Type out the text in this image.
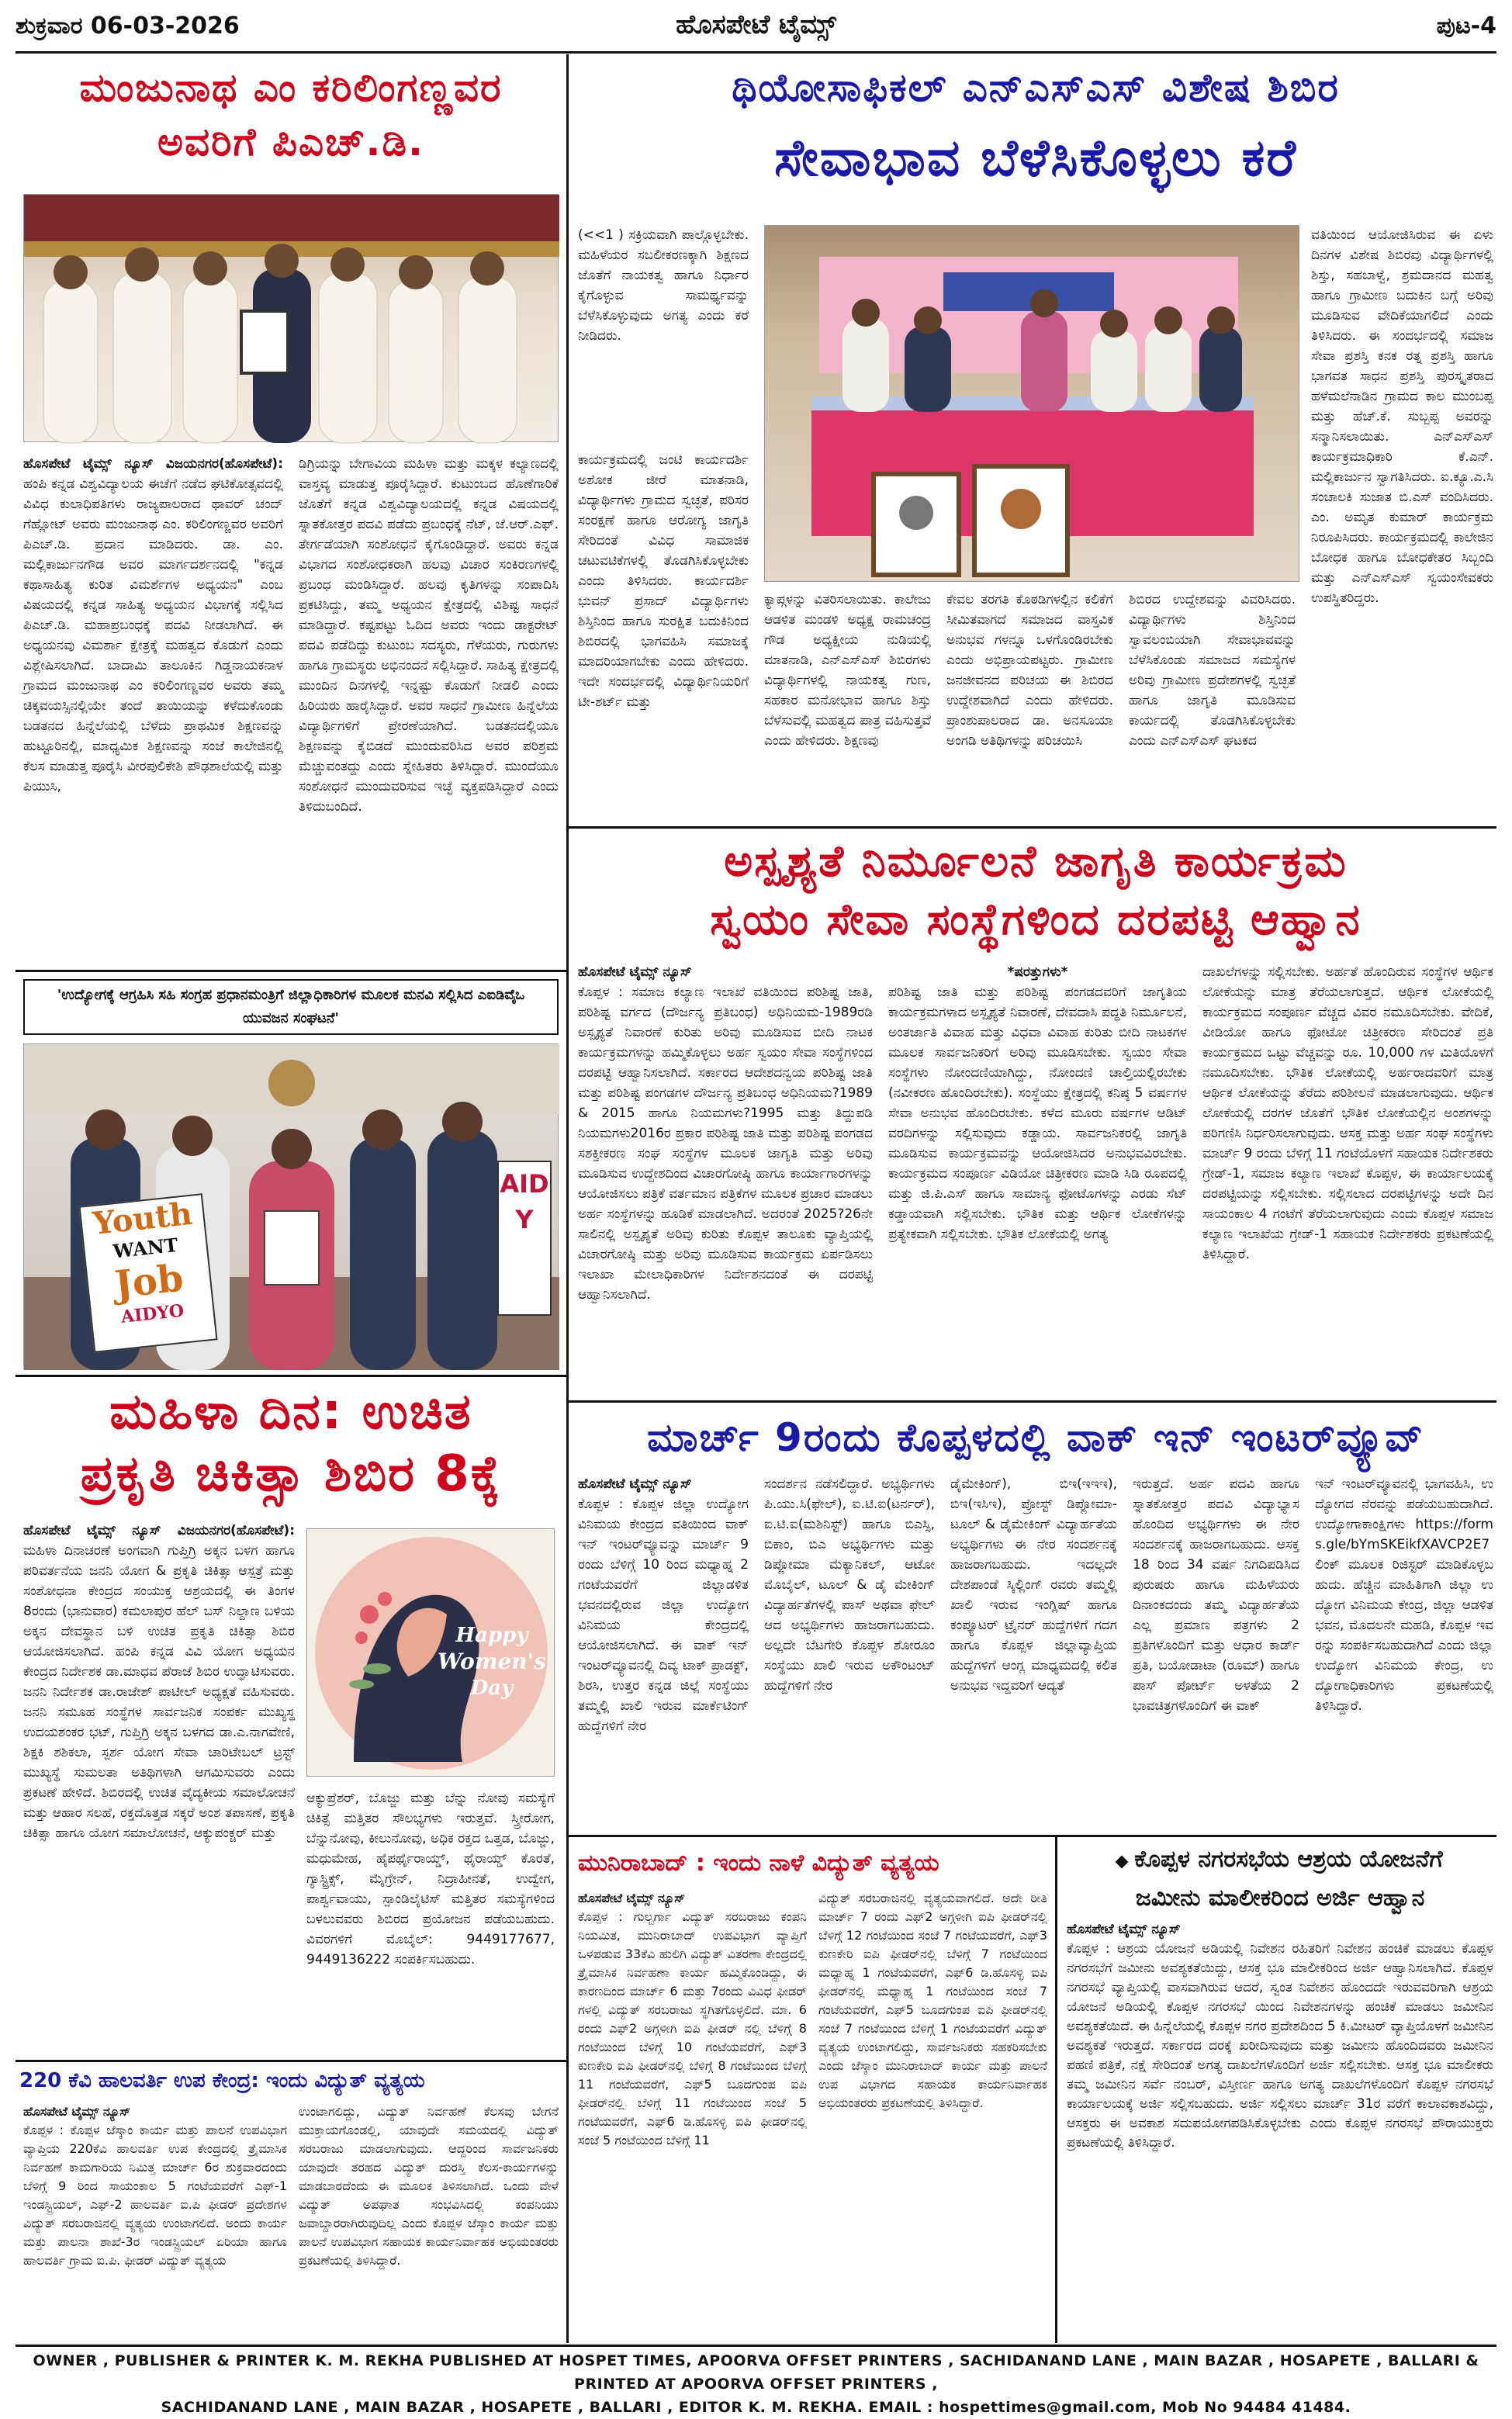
ಶುಕ್ರವಾರ 06-03-2026	ಹೊಸಪೇಟೆ ಟೈಮ್ಸ್	ಪುಟ-4
ಮಂಜುನಾಥ ಎಂ ಕರಿಲಿಂಗಣ್ಣವರ
ಅವರಿಗೆ ಪಿಎಚ್.ಡಿ.
ಹೊಸಪೇಟೆ ಟೈಮ್ಸ್ ನ್ಯೂಸ್ ವಿಜಯನಗರ(ಹೊಸಪೇಟೆ): ಹಂಪಿ ಕನ್ನಡ ವಿಶ್ವವಿದ್ಯಾಲಯ ಈಚೆಗೆ ನಡೆದ ಘಟಿಕೋತ್ಸವದಲ್ಲಿ ವಿವಿಧ ಕುಲಾಧಿಪತಿಗಳು ರಾಜ್ಯಪಾಲರಾದ ಥಾವರ್ ಚಂದ್ ಗೆಹ್ಲೋಟ್ ಅವರು ಮಂಜುನಾಥ ಎಂ. ಕರಿಲಿಂಗಣ್ಣವರ ಅವರಿಗೆ ಪಿಎಚ್.ಡಿ. ಪ್ರದಾನ ಮಾಡಿದರು. ಡಾ. ಎಂ. ಮಲ್ಲಿಕಾರ್ಜುನಗೌಡ ಅವರ ಮಾರ್ಗದರ್ಶನದಲ್ಲಿ "ಕನ್ನಡ ಕಥಾಸಾಹಿತ್ಯ ಕುರಿತ ವಿಮರ್ಶೆಗಳ ಅಧ್ಯಯನ" ಎಂಬ ವಿಷಯದಲ್ಲಿ ಕನ್ನಡ ಸಾಹಿತ್ಯ ಅಧ್ಯಯನ ವಿಭಾಗಕ್ಕೆ ಸಲ್ಲಿಸಿದ ಪಿಎಚ್.ಡಿ. ಮಹಾಪ್ರಬಂಧಕ್ಕೆ ಪದವಿ ನೀಡಲಾಗಿದೆ. ಈ ಅಧ್ಯಯನವು ವಿಮರ್ಶಾ ಕ್ಷೇತ್ರಕ್ಕೆ ಮಹತ್ವದ ಕೊಡುಗೆ ಎಂದು ವಿಶ್ಲೇಷಿಸಲಾಗಿದೆ. ಬಾದಾಮಿ ತಾಲೂಕಿನ ಗಿಡ್ಡನಾಯಕನಾಳ ಗ್ರಾಮದ ಮಂಜುನಾಥ ಎಂ ಕರಿಲಿಂಗಣ್ಣವರ ಅವರು ತಮ್ಮ ಚಿಕ್ಕವಯಸ್ಸಿನಲ್ಲಿಯೇ ತಂದೆ ತಾಯಿಯನ್ನು ಕಳೆದುಕೊಂಡು ಬಡತನದ ಹಿನ್ನೆಲೆಯಲ್ಲಿ ಬೆಳೆದು ಪ್ರಾಥಮಿಕ ಶಿಕ್ಷಣವನ್ನು ಹುಟ್ಟೂರಿನಲ್ಲಿ, ಮಾಧ್ಯಮಿಕ ಶಿಕ್ಷಣವನ್ನು ಸಂಜೆ ಕಾಲೇಜಿನಲ್ಲಿ ಕೆಲಸ ಮಾಡುತ್ತ ಪೂರೈಸಿ ವೀರಪುಲಿಕೇಶಿ ಪೌಢಶಾಲೆಯಲ್ಲಿ ಮತ್ತು ಪಿಯುಸಿ,
ಡಿಗ್ರಿಯನ್ನು ಬೇಗಾವಿಯ ಮಹಿಳಾ ಮತ್ತು ಮಕ್ಕಳ ಕಲ್ಯಾಣದಲ್ಲಿ ವಾಸ್ತವ್ಯ ಮಾಡುತ್ತ ಪೂರೈಸಿದ್ದಾರೆ. ಕುಟುಂಬದ ಹೊಣೆಗಾರಿಕೆ ಜೊತೆಗೆ ಕನ್ನಡ ವಿಶ್ವವಿದ್ಯಾಲಯದಲ್ಲಿ ಕನ್ನಡ ವಿಷಯದಲ್ಲಿ ಸ್ನಾತಕೋತ್ತರ ಪದವಿ ಪಡೆದು ಪ್ರಬಂಧಕ್ಕೆ ನೆಟ್, ಜೆ.ಆರ್.ಎಫ್. ತೇರ್ಗಡೆಯಾಗಿ ಸಂಶೋಧನೆ ಕೈಗೊಂಡಿದ್ದಾರೆ. ಅವರು ಕನ್ನಡ ವಿಭಾಗದ ಸಂಶೋಧಕರಾಗಿ ಹಲವು ವಿಚಾರ ಸಂಕಿರಣಗಳಲ್ಲಿ ಪ್ರಬಂಧ ಮಂಡಿಸಿದ್ದಾರೆ. ಹಲವು ಕೃತಿಗಳನ್ನು ಸಂಪಾದಿಸಿ ಪ್ರಕಟಿಸಿದ್ದು, ತಮ್ಮ ಅಧ್ಯಯನ ಕ್ಷೇತ್ರದಲ್ಲಿ ವಿಶಿಷ್ಟ ಸಾಧನೆ ಮಾಡಿದ್ದಾರೆ. ಕಷ್ಟಪಟ್ಟು ಓದಿದ ಅವರು ಇಂದು ಡಾಕ್ಟರೇಟ್ ಪದವಿ ಪಡೆದಿದ್ದು ಕುಟುಂಬ ಸದಸ್ಯರು, ಗೆಳೆಯರು, ಗುರುಗಳು ಹಾಗೂ ಗ್ರಾಮಸ್ಥರು ಅಭಿನಂದನೆ ಸಲ್ಲಿಸಿದ್ದಾರೆ. ಸಾಹಿತ್ಯ ಕ್ಷೇತ್ರದಲ್ಲಿ ಮುಂದಿನ ದಿನಗಳಲ್ಲಿ ಇನ್ನಷ್ಟು ಕೊಡುಗೆ ನೀಡಲಿ ಎಂದು ಹಿರಿಯರು ಹಾರೈಸಿದ್ದಾರೆ. ಅವರ ಸಾಧನೆ ಗ್ರಾಮೀಣ ಹಿನ್ನೆಲೆಯ ವಿದ್ಯಾರ್ಥಿಗಳಿಗೆ ಪ್ರೇರಣೆಯಾಗಿದೆ. ಬಡತನದಲ್ಲಿಯೂ ಶಿಕ್ಷಣವನ್ನು ಕೈಬಿಡದೆ ಮುಂದುವರಿಸಿದ ಅವರ ಪರಿಶ್ರಮ ಮೆಚ್ಚುವಂತದ್ದು ಎಂದು ಸ್ನೇಹಿತರು ತಿಳಿಸಿದ್ದಾರೆ. ಮುಂದೆಯೂ ಸಂಶೋಧನೆ ಮುಂದುವರಿಸುವ ಇಚ್ಛೆ ವ್ಯಕ್ತಪಡಿಸಿದ್ದಾರೆ ಎಂದು ತಿಳಿದುಬಂದಿದೆ.
'ಉದ್ಯೋಗಕ್ಕೆ ಆಗ್ರಹಿಸಿ ಸಹಿ ಸಂಗ್ರಹ ಪ್ರಧಾನಮಂತ್ರಿಗೆ ಜಿಲ್ಲಾಧಿಕಾರಿಗಳ ಮೂಲಕ ಮನವಿ ಸಲ್ಲಿಸಿದ ಎಐಡಿವೈಒ ಯುವಜನ ಸಂಘಟನೆ'
Youth
WANT
Job
AIDYO
AIDY
ಮಹಿಳಾ ದಿನ: ಉಚಿತ
ಪ್ರಕೃತಿ ಚಿಕಿತ್ಸಾ ಶಿಬಿರ 8ಕ್ಕೆ
ಹೊಸಪೇಟೆ ಟೈಮ್ಸ್ ನ್ಯೂಸ್ ವಿಜಯನಗರ(ಹೊಸಪೇಟೆ): ಮಹಿಳಾ ದಿನಾಚರಣೆ ಅಂಗವಾಗಿ ಗುಪ್ತಿಗ್ರಿ ಅಕ್ಕನ ಬಳಗ ಹಾಗೂ ಪರಿವರ್ತನೆಯ ಜನನಿ ಯೋಗ & ಪ್ರಕೃತಿ ಚಿಕಿತ್ಸಾ ಆಸ್ಪತ್ರೆ ಮತ್ತು ಸಂಶೋಧನಾ ಕೇಂದ್ರದ ಸಂಯುಕ್ತ ಆಶ್ರಯದಲ್ಲಿ ಈ ತಿಂಗಳ 8ರಂದು (ಭಾನುವಾರ) ಕಮಲಾಪುರ ಹೆಲ್ ಬಸ್ ನಿಲ್ದಾಣ ಬಳಿಯ ಅಕ್ಕನ ದೇವಸ್ಥಾನ ಬಳಿ ಉಚಿತ ಪ್ರಕೃತಿ ಚಿಕಿತ್ಸಾ ಶಿಬಿರ ಆಯೋಜಿಸಲಾಗಿದೆ. ಹಂಪಿ ಕನ್ನಡ ವಿವಿ ಯೋಗ ಅಧ್ಯಯನ ಕೇಂದ್ರದ ನಿರ್ದೇಶಕ ಡಾ.ಮಾಧವ ಪೆರಾಜೆ ಶಿಬಿರ ಉದ್ಘಾಟಿಸುವರು. ಜನನಿ ನಿರ್ದೇಶಕ ಡಾ.ರಾಜೇಶ್ ಪಾಟೀಲ್ ಅಧ್ಯಕ್ಷತೆ ವಹಿಸುವರು. ಜನನಿ ಸಮೂಹ ಸಂಸ್ಥೆಗಳ ಸಾರ್ವಜನಿಕ ಸಂಪರ್ಕ ಮುಖ್ಯಸ್ಥ ಉದಯಶಂಕರ ಭಟ್, ಗುಪ್ತಿಗ್ರಿ ಅಕ್ಕನ ಬಳಗದ ಡಾ.ಎ.ನಾಗವೇಣಿ, ಶಿಕ್ಷಕಿ ಶಶಿಕಲಾ, ಸ್ಪರ್ಶ ಯೋಗ ಸೇವಾ ಚಾರಿಟೇಬಲ್ ಟ್ರಸ್ಟ್ ಮುಖ್ಯಸ್ಥೆ ಸುಮಲತಾ ಅತಿಥಿಗಳಾಗಿ ಆಗಮಿಸುವರು ಎಂದು ಪ್ರಕಟಣೆ ಹೇಳಿದೆ. ಶಿಬಿರದಲ್ಲಿ ಉಚಿತ ವೈದ್ಯಕೀಯ ಸಮಾಲೋಚನೆ ಮತ್ತು ಆಹಾರ ಸಲಹೆ, ರಕ್ತದೊತ್ತಡ ಸಕ್ಕರೆ ಅಂಶ ತಪಾಸಣೆ, ಪ್ರಕೃತಿ ಚಿಕಿತ್ಸಾ ಹಾಗೂ ಯೋಗ ಸಮಾಲೋಚನೆ, ಆಕ್ಯುಪಂಕ್ಚರ್ ಮತ್ತು
Happy
Women's
Day
ಆಕ್ಯುಪ್ರೆಶರ್, ಬೊಜ್ಜು ಮತ್ತು ಬೆನ್ನು ನೋವು ಸಮಸ್ಯೆಗೆ ಚಿಕಿತ್ಸೆ ಮತ್ತಿತರ ಸೌಲಭ್ಯಗಳು ಇರುತ್ತವೆ. ಸ್ತ್ರೀರೋಗ, ಬೆನ್ನುನೋವು, ಕೀಲುನೋವು, ಅಧಿಕ ರಕ್ತದ ಒತ್ತಡ, ಬೊಜ್ಜು, ಮಧುಮೇಹ, ಹೈಪರ್ಥೈರಾಯ್ಡ್, ಥೈರಾಯ್ಡ್ ಕೊರತೆ, ಗ್ಯಾಸ್ಟ್ರಿಕ್ಸ್, ಮೈಗ್ರೇನ್, ನಿದ್ರಾಹೀನತೆ, ಉದ್ವೇಗ, ಪಾರ್ಶ್ವವಾಯು, ಸ್ಪಾಂಡಿಲೈಟಿಸ್ ಮತ್ತಿತರ ಸಮಸ್ಯೆಗಳಿಂದ ಬಳಲುವವರು ಶಿಬಿರದ ಪ್ರಯೋಜನ ಪಡೆಯಬಹುದು. ವಿವರಗಳಿಗೆ ಮೊಬೈಲ್: 9449177677, 9449136222 ಸಂಪರ್ಕಿಸಬಹುದು.
220 ಕೆವಿ ಹಾಲವರ್ತಿ ಉಪ ಕೇಂದ್ರ: ಇಂದು ವಿದ್ಯುತ್ ವ್ಯತ್ಯಯ
ಹೊಸಪೇಟೆ ಟೈಮ್ಸ್ ನ್ಯೂಸ್
ಕೊಪ್ಪಳ : ಕೊಪ್ಪಳ ಜೆಸ್ಕಾಂ ಕಾರ್ಯ ಮತ್ತು ಪಾಲನೆ ಉಪವಿಭಾಗ ವ್ಯಾಪ್ತಿಯ 220ಕೆವಿ ಹಾಲವರ್ತಿ ಉಪ ಕೇಂದ್ರದಲ್ಲಿ ತ್ರೈಮಾಸಿಕ ನಿರ್ವಹಣೆ ಕಾಮಗಾರಿಯ ನಿಮಿತ್ತ ಮಾರ್ಚ್ 6ರ ಶುಕ್ರವಾರದಂದು ಬೆಳಿಗ್ಗೆ 9 ರಿಂದ ಸಾಯಂಕಾಲ 5 ಗಂಟೆಯವರೆಗೆ ಎಫ್-1 ಇಂಡಸ್ಟ್ರಿಯಲ್, ಎಫ್-2 ಹಾಲವರ್ತಿ ಐ.ಪಿ ಫೀಡರ್ ಪ್ರದೇಶಗಳ ವಿದ್ಯುತ್ ಸರಬರಾಜಿನಲ್ಲಿ ವ್ಯತ್ಯಯ ಉಂಟಾಗಲಿದೆ. ಅಂದು ಕಾರ್ಯ ಮತ್ತು ಪಾಲನಾ ಶಾಖೆ-3ರ ಇಂಡಸ್ಟ್ರಿಯಲ್ ಏರಿಯಾ ಹಾಗೂ ಹಾಲವರ್ತಿ ಗ್ರಾಮ ಐ.ಪಿ. ಫೀಡರ್ ವಿದ್ಯುತ್ ವ್ಯತ್ಯಯ
ಉಂಟಾಗಲಿದ್ದು, ವಿದ್ಯುತ್ ನಿರ್ವಹಣೆ ಕೆಲಸವು ಬೇಗನೆ ಮುಕ್ತಾಯಗೊಂಡಲ್ಲಿ, ಯಾವುದೇ ಸಮಯದಲ್ಲಿ ವಿದ್ಯುತ್ ಸರಬರಾಜು ಮಾಡಲಾಗುವುದು. ಆದ್ದರಿಂದ ಸಾರ್ವಜನಿಕರು ಯಾವುದೇ ತರಹದ ವಿದ್ಯುತ್ ದುರಸ್ತಿ ಕೆಲಸ-ಕಾರ್ಯಗಳನ್ನು ಮಾಡಬಾರದೆಂದು ಈ ಮೂಲಕ ತಿಳಿಸಲಾಗಿದೆ. ಒಂದು ವೇಳೆ ವಿದ್ಯುತ್ ಅಪಘಾತ ಸಂಭವಿಸಿದಲ್ಲಿ ಕಂಪನಿಯು ಜವಾಬ್ದಾರರಾಗಿರುವುದಿಲ್ಲ ಎಂದು ಕೊಪ್ಪಳ ಜೆಸ್ಕಾಂ ಕಾರ್ಯ ಮತ್ತು ಪಾಲನೆ ಉಪವಿಭಾಗ ಸಹಾಯಕ ಕಾರ್ಯನಿರ್ವಾಹಕ ಅಭಿಯಂತರರು ಪ್ರಕಟಣೆಯಲ್ಲಿ ತಿಳಿಸಿದ್ದಾರೆ.
ಥಿಯೋಸಾಫಿಕಲ್ ಎನ್ಎಸ್ಎಸ್ ವಿಶೇಷ ಶಿಬಿರ
ಸೇವಾಭಾವ ಬೆಳೆಸಿಕೊಳ್ಳಲು ಕರೆ
(<<1 ) ಸಕ್ರಿಯವಾಗಿ ಪಾಲ್ಗೊಳ್ಳಬೇಕು. ಮಹಿಳೆಯರ ಸಬಲೀಕರಣಕ್ಕಾಗಿ ಶಿಕ್ಷಣದ ಜೊತೆಗೆ ನಾಯಕತ್ವ ಹಾಗೂ ನಿರ್ಧಾರ ಕೈಗೊಳ್ಳುವ ಸಾಮರ್ಥ್ಯವನ್ನು ಬೆಳೆಸಿಕೊಳ್ಳುವುದು ಅಗತ್ಯ ಎಂದು ಕರೆ ನೀಡಿದರು.
ಕಾರ್ಯಕ್ರಮದಲ್ಲಿ ಜಂಟಿ ಕಾರ್ಯದರ್ಶಿ ಅಶೋಕ ಜೀರೆ ಮಾತನಾಡಿ, ವಿದ್ಯಾರ್ಥಿಗಳು ಗ್ರಾಮದ ಸ್ವಚ್ಛತೆ, ಪರಿಸರ ಸಂರಕ್ಷಣೆ ಹಾಗೂ ಆರೋಗ್ಯ ಜಾಗೃತಿ ಸೇರಿದಂತೆ ವಿವಿಧ ಸಾಮಾಜಿಕ ಚಟುವಟಿಕೆಗಳಲ್ಲಿ ತೊಡಗಿಸಿಕೊಳ್ಳಬೇಕು ಎಂದು ತಿಳಿಸಿದರು. ಕಾರ್ಯದರ್ಶಿ ಭುವನ್ ಪ್ರಸಾದ್ ವಿದ್ಯಾರ್ಥಿಗಳು ಶಿಸ್ತಿನಿಂದ ಹಾಗೂ ಸುರಕ್ಷಿತ ಬದುಕಿನಿಂದ ಶಿಬಿರದಲ್ಲಿ ಭಾಗವಹಿಸಿ ಸಮಾಜಕ್ಕೆ ಮಾದರಿಯಾಗಬೇಕು ಎಂದು ಹೇಳಿದರು. ಇದೇ ಸಂದರ್ಭದಲ್ಲಿ ವಿದ್ಯಾರ್ಥಿನಿಯರಿಗೆ ಟೀ-ಶರ್ಟ್ ಮತ್ತು
ಕ್ಯಾಪ್ಗಳನ್ನು ವಿತರಿಸಲಾಯಿತು. ಕಾಲೇಜು ಆಡಳಿತ ಮಂಡಳಿ ಅಧ್ಯಕ್ಷ ರಾಮಚಂದ್ರ ಗೌಡ ಅಧ್ಯಕ್ಷೀಯ ನುಡಿಯಲ್ಲಿ ಮಾತನಾಡಿ, ಎನ್ಎಸ್ಎಸ್ ಶಿಬಿರಗಳು ವಿದ್ಯಾರ್ಥಿಗಳಲ್ಲಿ ನಾಯಕತ್ವ ಗುಣ, ಸಹಕಾರ ಮನೋಭಾವ ಹಾಗೂ ಶಿಸ್ತು ಬೆಳೆಸುವಲ್ಲಿ ಮಹತ್ವದ ಪಾತ್ರ ವಹಿಸುತ್ತವೆ ಎಂದು ಹೇಳಿದರು. ಶಿಕ್ಷಣವು
ಕೇವಲ ತರಗತಿ ಕೊಠಡಿಗಳಲ್ಲಿನ ಕಲಿಕೆಗೆ ಸೀಮಿತವಾಗದೆ ಸಮಾಜದ ವಾಸ್ತವಿಕ ಅನುಭವ ಗಳನ್ನೂ ಒಳಗೊಂಡಿರಬೇಕು ಎಂದು ಅಭಿಪ್ರಾಯಪಟ್ಟರು. ಗ್ರಾಮೀಣ ಜನಜೀವನದ ಪರಿಚಯ ಈ ಶಿಬಿರದ ಉದ್ದೇಶವಾಗಿದೆ ಎಂದು ಹೇಳಿದರು. ಪ್ರಾಂಶುಪಾಲರಾದ ಡಾ. ಅನಸೂಯಾ ಅಂಗಡಿ ಅತಿಥಿಗಳನ್ನು ಪರಿಚಯಿಸಿ
ಶಿಬಿರದ ಉದ್ದೇಶವನ್ನು ವಿವರಿಸಿದರು. ವಿದ್ಯಾರ್ಥಿಗಳು ಶಿಸ್ತಿನಿಂದ ಸ್ವಾವಲಂಬಿಯಾಗಿ ಸೇವಾಭಾವವನ್ನು ಬೆಳೆಸಿಕೊಂಡು ಸಮಾಜದ ಸಮಸ್ಯೆಗಳ ಅರಿವು ಗ್ರಾಮೀಣ ಪ್ರದೇಶಗಳಲ್ಲಿ ಸ್ವಚ್ಛತೆ ಹಾಗೂ ಜಾಗೃತಿ ಮೂಡಿಸುವ ಕಾರ್ಯದಲ್ಲಿ ತೊಡಗಿಸಿಕೊಳ್ಳಬೇಕು ಎಂದು ಎನ್ಎಸ್ಎಸ್ ಘಟಕದ
ವತಿಯಿಂದ ಆಯೋಜಿಸಿರುವ ಈ ಏಳು ದಿನಗಳ ವಿಶೇಷ ಶಿಬಿರವು ವಿದ್ಯಾರ್ಥಿಗಳಲ್ಲಿ ಶಿಸ್ತು, ಸಹಬಾಳ್ವೆ, ಶ್ರಮದಾನದ ಮಹತ್ವ ಹಾಗೂ ಗ್ರಾಮೀಣ ಬದುಕಿನ ಬಗ್ಗೆ ಅರಿವು ಮೂಡಿಸುವ ವೇದಿಕೆಯಾಗಲಿದೆ ಎಂದು ತಿಳಿಸಿದರು. ಈ ಸಂದರ್ಭದಲ್ಲಿ ಸಮಾಜ ಸೇವಾ ಪ್ರಶಸ್ತಿ ಕನಕ ರತ್ನ ಪ್ರಶಸ್ತಿ ಹಾಗೂ ಭಾಗವತ ಸಾಧನ ಪ್ರಶಸ್ತಿ ಪುರಸ್ಕೃತರಾದ ಹಳೆಮಲೆನಾಡಿನ ಗ್ರಾಮದ ಕಾಲ ಮುಂಬಪ್ಪ ಮತ್ತು ಹೆಚ್.ಕೆ. ಸುಬ್ಬಪ್ಪ ಅವರನ್ನು ಸನ್ಮಾನಿಸಲಾಯಿತು. ಎನ್ಎಸ್ಎಸ್ ಕಾರ್ಯಕ್ರಮಾಧಿಕಾರಿ ಕೆ.ಎನ್. ಮಲ್ಲಿಕಾರ್ಜುನ ಸ್ವಾಗತಿಸಿದರು. ಐ.ಕ್ಯೂ.ಎ.ಸಿ ಸಂಚಾಲಕಿ ಸುಜಾತ ಬಿ.ಎಸ್ ವಂದಿಸಿದರು. ಎಂ. ಅಮೃತ ಕುಮಾರ್ ಕಾರ್ಯಕ್ರಮ ನಿರೂಪಿಸಿದರು. ಕಾರ್ಯಕ್ರಮದಲ್ಲಿ ಕಾಲೇಜಿನ ಬೋಧಕ ಹಾಗೂ ಬೋಧಕೇತರ ಸಿಬ್ಬಂದಿ ಮತ್ತು ಎನ್ಎಸ್ಎಸ್ ಸ್ವಯಂಸೇವಕರು ಉಪಸ್ಥಿತರಿದ್ದರು.
ಅಸ್ಪೃಶ್ಯತೆ ನಿರ್ಮೂಲನೆ ಜಾಗೃತಿ ಕಾರ್ಯಕ್ರಮ
ಸ್ವಯಂ ಸೇವಾ ಸಂಸ್ಥೆಗಳಿಂದ ದರಪಟ್ಟಿ ಆಹ್ವಾನ
ಹೊಸಪೇಟೆ ಟೈಮ್ಸ್ ನ್ಯೂಸ್
ಕೊಪ್ಪಳ : ಸಮಾಜ ಕಲ್ಯಾಣ ಇಲಾಖೆ ವತಿಯಿಂದ ಪರಿಶಿಷ್ಟ ಜಾತಿ, ಪರಿಶಿಷ್ಟ ವರ್ಗದ (ದೌರ್ಜನ್ಯ ಪ್ರತಿಬಂಧ) ಅಧಿನಿಯಮ-1989ರಡಿ ಅಸ್ಪೃಶ್ಯತೆ ನಿವಾರಣೆ ಕುರಿತು ಅರಿವು ಮೂಡಿಸುವ ಬೀದಿ ನಾಟಕ ಕಾರ್ಯಕ್ರಮಗಳನ್ನು ಹಮ್ಮಿಕೊಳ್ಳಲು ಅರ್ಹ ಸ್ವಯಂ ಸೇವಾ ಸಂಸ್ಥೆಗಳಿಂದ ದರಪಟ್ಟಿ ಆಹ್ವಾನಿಸಲಾಗಿದೆ. ಸರ್ಕಾರದ ಆದೇಶದನ್ವಯ ಪರಿಶಿಷ್ಟ ಜಾತಿ ಮತ್ತು ಪರಿಶಿಷ್ಟ ಪಂಗಡಗಳ ದೌರ್ಜನ್ಯ ಪ್ರತಿಬಂಧ ಅಧಿನಿಯಮ?1989 & 2015 ಹಾಗೂ ನಿಯಮಗಳು?1995 ಮತ್ತು ತಿದ್ದುಪಡಿ ನಿಯಮಗಳು2016ರ ಪ್ರಕಾರ ಪರಿಶಿಷ್ಟ ಜಾತಿ ಮತ್ತು ಪರಿಶಿಷ್ಟ ಪಂಗಡದ ಸಶಕ್ತೀಕರಣ ಸಂಘ ಸಂಸ್ಥೆಗಳ ಮೂಲಕ ಜಾಗೃತಿ ಮತ್ತು ಅರಿವು ಮೂಡಿಸುವ ಉದ್ದೇಶದಿಂದ ವಿಚಾರಗೋಷ್ಠಿ ಹಾಗೂ ಕಾರ್ಯಾಗಾರಗಳನ್ನು ಆಯೋಜಿಸಲು ಪತ್ರಿಕೆ ವರ್ತಮಾನ ಪತ್ರಿಕೆಗಳ ಮೂಲಕ ಪ್ರಚಾರ ಮಾಡಲು ಅರ್ಹ ಸಂಸ್ಥೆಗಳನ್ನು ಹೂಡಿಕೆ ಮಾಡಲಾಗಿದೆ. ಅದರಂತೆ 2025?26ನೇ ಸಾಲಿನಲ್ಲಿ ಅಸ್ಪೃಶ್ಯತೆ ಅರಿವು ಕುರಿತು ಕೊಪ್ಪಳ ತಾಲೂಕು ವ್ಯಾಪ್ತಿಯಲ್ಲಿ ವಿಚಾರಗೋಷ್ಠಿ ಮತ್ತು ಅರಿವು ಮೂಡಿಸುವ ಕಾರ್ಯಕ್ರಮ ಏರ್ಪಡಿಸಲು ಇಲಾಖಾ ಮೇಲಾಧಿಕಾರಿಗಳ ನಿರ್ದೇಶನದಂತೆ ಈ ದರಪಟ್ಟಿ ಆಹ್ವಾನಿಸಲಾಗಿದೆ.
*ಷರತ್ತುಗಳು*
ಪರಿಶಿಷ್ಟ ಜಾತಿ ಮತ್ತು ಪರಿಶಿಷ್ಟ ಪಂಗಡದವರಿಗೆ ಜಾಗೃತಿಯ ಕಾರ್ಯಕ್ರಮಗಳಾದ ಅಸ್ಪೃಶ್ಯತೆ ನಿವಾರಣೆ, ದೇವದಾಸಿ ಪದ್ಧತಿ ನಿರ್ಮೂಲನೆ, ಅಂತರ್ಜಾತಿ ವಿವಾಹ ಮತ್ತು ವಿಧವಾ ವಿವಾಹ ಕುರಿತು ಬೀದಿ ನಾಟಕಗಳ ಮೂಲಕ ಸಾರ್ವಜನಿಕರಿಗೆ ಅರಿವು ಮೂಡಿಸಬೇಕು. ಸ್ವಯಂ ಸೇವಾ ಸಂಸ್ಥೆಗಳು ನೋಂದಣಿಯಾಗಿದ್ದು, ನೋಂದಣಿ ಚಾಲ್ತಿಯಲ್ಲಿರಬೇಕು (ನವೀಕರಣ ಹೊಂದಿರಬೇಕು). ಸಂಸ್ಥೆಯು ಕ್ಷೇತ್ರದಲ್ಲಿ ಕನಿಷ್ಠ 5 ವರ್ಷಗಳ ಸೇವಾ ಅನುಭವ ಹೊಂದಿರಬೇಕು. ಕಳೆದ ಮೂರು ವರ್ಷಗಳ ಆಡಿಟ್ ವರದಿಗಳನ್ನು ಸಲ್ಲಿಸುವುದು ಕಡ್ಡಾಯ. ಸಾರ್ವಜನಿಕರಲ್ಲಿ ಜಾಗೃತಿ ಮೂಡಿಸುವ ಕಾರ್ಯಕ್ರಮವನ್ನು ಆಯೋಜಿಸಿದರ ಅನುಭವವಿರಬೇಕು. ಕಾರ್ಯಕ್ರಮದ ಸಂಪೂರ್ಣ ವಿಡಿಯೋ ಚಿತ್ರೀಕರಣ ಮಾಡಿ ಸಿಡಿ ರೂಪದಲ್ಲಿ ಮತ್ತು ಜಿ.ಪಿ.ಎಸ್ ಹಾಗೂ ಸಾಮಾನ್ಯ ಫೋಟೊಗಳನ್ನು ಎರಡು ಸೆಟ್ ಕಡ್ಡಾಯವಾಗಿ ಸಲ್ಲಿಸಬೇಕು. ಭೌತಿಕ ಮತ್ತು ಆರ್ಥಿಕ ಲೋಕೆಗಳನ್ನು ಪ್ರತ್ಯೇಕವಾಗಿ ಸಲ್ಲಿಸಬೇಕು. ಭೌತಿಕ ಲೋಕೆಯಲ್ಲಿ ಅಗತ್ಯ
ದಾಖಲೆಗಳನ್ನು ಸಲ್ಲಿಸಬೇಕು. ಅರ್ಹತೆ ಹೊಂದಿರುವ ಸಂಸ್ಥೆಗಳ ಆರ್ಥಿಕ ಲೋಕೆಯನ್ನು ಮಾತ್ರ ತೆರೆಯಲಾಗುತ್ತದೆ. ಆರ್ಥಿಕ ಲೋಕೆಯಲ್ಲಿ ಕಾರ್ಯಕ್ರಮದ ಸಂಪೂರ್ಣ ವೆಚ್ಚದ ವಿವರ ನಮೂದಿಸಬೇಕು. ವೇದಿಕೆ, ವೀಡಿಯೋ ಹಾಗೂ ಫೋಟೋ ಚಿತ್ರೀಕರಣ ಸೇರಿದಂತೆ ಪ್ರತಿ ಕಾರ್ಯಕ್ರಮದ ಒಟ್ಟು ವೆಚ್ಚವನ್ನು ರೂ. 10,000 ಗಳ ಮಿತಿಯೊಳಗೆ ನಮೂದಿಸಬೇಕು. ಭೌತಿಕ ಲೋಕೆಯಲ್ಲಿ ಅರ್ಹರಾದವರಿಗೆ ಮಾತ್ರ ಆರ್ಥಿಕ ಲೋಕೆಯನ್ನು ತೆರೆದು ಪರಿಶೀಲನೆ ಮಾಡಲಾಗುವುದು. ಆರ್ಥಿಕ ಲೋಕೆಯಲ್ಲಿ ದರಗಳ ಜೊತೆಗೆ ಭೌತಿಕ ಲೋಕೆಯಲ್ಲಿನ ಅಂಶಗಳನ್ನು ಪರಿಗಣಿಸಿ ನಿರ್ಧರಿಸಲಾಗುವುದು. ಆಸಕ್ತ ಮತ್ತು ಅರ್ಹ ಸಂಘ ಸಂಸ್ಥೆಗಳು ಮಾರ್ಚ್ 9 ರಂದು ಬೆಳಿಗ್ಗೆ 11 ಗಂಟೆಯೊಳಗೆ ಸಹಾಯಕ ನಿರ್ದೇಶಕರು ಗ್ರೇಡ್-1, ಸಮಾಜ ಕಲ್ಯಾಣ ಇಲಾಖೆ ಕೊಪ್ಪಳ, ಈ ಕಾರ್ಯಾಲಯಕ್ಕೆ ದರಪಟ್ಟಿಯನ್ನು ಸಲ್ಲಿಸಬೇಕು. ಸಲ್ಲಿಸಲಾದ ದರಪಟ್ಟಿಗಳನ್ನು ಅದೇ ದಿನ ಸಾಯಂಕಾಲ 4 ಗಂಟೆಗೆ ತೆರೆಯಲಾಗುವುದು ಎಂದು ಕೊಪ್ಪಳ ಸಮಾಜ ಕಲ್ಯಾಣ ಇಲಾಖೆಯ ಗ್ರೇಡ್-1 ಸಹಾಯಕ ನಿರ್ದೇಶಕರು ಪ್ರಕಟಣೆಯಲ್ಲಿ ತಿಳಿಸಿದ್ದಾರೆ.
ಮಾರ್ಚ್ 9ರಂದು ಕೊಪ್ಪಳದಲ್ಲಿ ವಾಕ್ ಇನ್ ಇಂಟರ್‌ವ್ಯೂವ್
ಹೊಸಪೇಟೆ ಟೈಮ್ಸ್ ನ್ಯೂಸ್
ಕೊಪ್ಪಳ : ಕೊಪ್ಪಳ ಜಿಲ್ಲಾ ಉದ್ಯೋಗ ವಿನಿಮಯ ಕೇಂದ್ರದ ವತಿಯಿಂದ ವಾಕ್ ಇನ್ ಇಂಟರ್‌ವ್ಯೂವನ್ನು ಮಾರ್ಚ್ 9 ರಂದು ಬೆಳಿಗ್ಗೆ 10 ರಿಂದ ಮಧ್ಯಾಹ್ನ 2 ಗಂಟೆಯವರೆಗೆ ಜಿಲ್ಲಾಡಳಿತ ಭವನದಲ್ಲಿರುವ ಜಿಲ್ಲಾ ಉದ್ಯೋಗ ವಿನಿಮಯ ಕೇಂದ್ರದಲ್ಲಿ ಆಯೋಜಿಸಲಾಗಿದೆ. ಈ ವಾಕ್ ಇನ್ ಇಂಟರ್‌ವ್ಯೂವನಲ್ಲಿ ದಿವ್ಯ ಟಾಕ್ ಪ್ರಾಡಕ್ಟ್, ಶಿರಸಿ, ಉತ್ತರ ಕನ್ನಡ ಜಿಲ್ಲೆ ಸಂಸ್ಥೆಯು ತಮ್ಮಲ್ಲಿ ಖಾಲಿ ಇರುವ ಮಾರ್ಕೆಟಿಂಗ್ ಹುದ್ದೆಗಳಿಗೆ ನೇರ
ಸಂದರ್ಶನ ನಡೆಸಲಿದ್ದಾರೆ. ಅಭ್ಯರ್ಥಿಗಳು ಪಿ.ಯು.ಸಿ(ಫೇಲ್), ಐ.ಟಿ.ಐ(ಟರ್ನರ್), ಐ.ಟಿ.ಐ(ಮಶಿನಿಸ್ಟ್) ಹಾಗೂ ಬಿಎಸ್ಸಿ, ಬಿಕಾಂ, ಬಿಎ ಅಭ್ಯರ್ಥಿಗಳು ಮತ್ತು ಡಿಪ್ಲೋಮಾ ಮೆಕ್ಯಾನಿಕಲ್, ಆಟೋ ಮೊಬೈಲ್, ಟೂಲ್ & ಡೈ ಮೇಕಿಂಗ್ ವಿದ್ಯಾರ್ಹತೆಗಳಲ್ಲಿ ಪಾಸ್ ಅಥವಾ ಫೇಲ್ ಆದ ಅಭ್ಯರ್ಥಿಗಳು ಹಾಜರಾಗಬಹುದು. ಅಲ್ಲದೇ ಬೆಟಗೇರಿ ಕೊಪ್ಪಳ ಶೋರೂಂ ಸಂಸ್ಥೆಯು ಖಾಲಿ ಇರುವ ಅಕೌಂಟಂಟ್ ಹುದ್ದೆಗಳಿಗೆ ನೇರ
ಡೈಮೇಕಿಂಗ್), ಬಿಇ(ಇಇಇ), ಬಿಇ(ಇಸಿಇ), ಪ್ರೋಸ್ಟ್ ಡಿಪ್ಲೋಮಾ-ಟೂಲ್ & ಡೈಮೇಕಿಂಗ್ ವಿದ್ಯಾರ್ಹತೆಯ ಅಭ್ಯರ್ಥಿಗಳು ಈ ನೇರ ಸಂದರ್ಶನಕ್ಕೆ ಹಾಜರಾಗಬಹುದು. ಇದಲ್ಲದೇ ದೇಶಪಾಂಡೆ ಸ್ಕಿಲ್ಲಿಂಗ್ ರವರು ತಮ್ಮಲ್ಲಿ ಖಾಲಿ ಇರುವ ಇಂಗ್ಲಿಷ್ ಹಾಗೂ ಕಂಪ್ಯೂಟರ್ ಟ್ರೈನರ್ ಹುದ್ದೆಗಳಿಗೆ ಗದಗ ಹಾಗೂ ಕೊಪ್ಪಳ ಜಿಲ್ಲಾವ್ಯಾಪ್ತಿಯ ಹುದ್ದೆಗಳಿಗೆ ಆಂಗ್ಲ ಮಾಧ್ಯಮದಲ್ಲಿ ಕಲಿತ ಅನುಭವ ಇದ್ದವರಿಗೆ ಆದ್ಯತೆ
ಇರುತ್ತದೆ. ಅರ್ಹ ಪದವಿ ಹಾಗೂ ಸ್ನಾತಕೋತ್ತರ ಪದವಿ ವಿದ್ಯಾಭ್ಯಾಸ ಹೊಂದಿದ ಅಭ್ಯರ್ಥಿಗಳು ಈ ನೇರ ಸಂದರ್ಶನಕ್ಕೆ ಹಾಜರಾಗಬಹುದು. ಆಸಕ್ತ 18 ರಿಂದ 34 ವರ್ಷ ನಿಗದಿಪಡಿಸಿದ ಪುರುಷರು ಹಾಗೂ ಮಹಿಳೆಯರು ದಿನಾಂಕದಂದು ತಮ್ಮ ವಿದ್ಯಾರ್ಹತೆಯ ಎಲ್ಲ ಪ್ರಮಾಣ ಪತ್ರಗಳು 2 ಪ್ರತಿಗಳೊಂದಿಗೆ ಮತ್ತು ಆಧಾರ ಕಾರ್ಡ್ ಪ್ರತಿ, ಬಯೋಡಾಟಾ (ರೂಮ್) ಹಾಗೂ ಪಾಸ್ ಪೋರ್ಟ್ ಅಳತೆಯ 2 ಭಾವಚಿತ್ರಗಳೊಂದಿಗೆ ಈ ವಾಕ್
ಇನ್ ಇಂಟರ್‌ವ್ಯೂವನಲ್ಲಿ ಭಾಗವಹಿಸಿ, ಉದ್ಯೋಗದ ನೆರವನ್ನು ಪಡೆಯಬಹುದಾಗಿದೆ. ಉದ್ಯೋಗಾಕಾಂಕ್ಷಿಗಳು https://forms.gle/bYmSKEikfXAVCP2E7 ಲಿಂಕ್ ಮೂಲಕ ರಿಜಿಸ್ಟರ್ ಮಾಡಿಕೊಳ್ಳಬಹುದು. ಹೆಚ್ಚಿನ ಮಾಹಿತಿಗಾಗಿ ಜಿಲ್ಲಾ ಉದ್ಯೋಗ ವಿನಿಮಯ ಕೇಂದ್ರ, ಜಿಲ್ಲಾ ಆಡಳಿತ ಭವನ, ಮೊದಲನೇ ಮಹಡಿ, ಕೊಪ್ಪಳ ಇವರನ್ನು ಸಂಪರ್ಕಿಸಬಹುದಾಗಿದೆ ಎಂದು ಜಿಲ್ಲಾ ಉದ್ಯೋಗ ವಿನಿಮಯ ಕೇಂದ್ರ, ಉದ್ಯೋಗಾಧಿಕಾರಿಗಳು ಪ್ರಕಟಣೆಯಲ್ಲಿ ತಿಳಿಸಿದ್ದಾರೆ.
ಮುನಿರಾಬಾದ್ : ಇಂದು ನಾಳೆ ವಿದ್ಯುತ್ ವ್ಯತ್ಯಯ
ಹೊಸಪೇಟೆ ಟೈಮ್ಸ್ ನ್ಯೂಸ್
ಕೊಪ್ಪಳ : ಗುಲ್ಬರ್ಗಾ ವಿದ್ಯುತ್ ಸರಬರಾಜು ಕಂಪನಿ ನಿಯಮಿತ, ಮುನಿರಾಬಾದ್ ಉಪವಿಭಾಗ ವ್ಯಾಪ್ತಿಗೆ ಒಳಪಡುವ 33ಕೆವಿ ಹುಲಿಗಿ ವಿದ್ಯುತ್ ವಿತರಣಾ ಕೇಂದ್ರದಲ್ಲಿ ತ್ರೈಮಾಸಿಕ ನಿರ್ವಹಣಾ ಕಾರ್ಯ ಹಮ್ಮಿಕೊಂಡಿದ್ದು, ಈ ಕಾರಣದಿಂದ ಮಾರ್ಚ್ 6 ಮತ್ತು 7ರಂದು ವಿವಿಧ ಫೀಡರ್ ಗಳಲ್ಲಿ ವಿದ್ಯುತ್ ಸರಬರಾಜು ಸ್ಥಗಿತಗೊಳ್ಳಲಿದೆ. ಮಾ. 6 ರಂದು ಎಫ್2 ಅಗ್ಗಳೀಗಿ ಐಪಿ ಫೀಡರ್ ನಲ್ಲಿ ಬೆಳಿಗ್ಗೆ 8 ಗಂಟೆಯಿಂದ ಬೆಳಿಗ್ಗೆ 10 ಗಂಟೆಯವರೆಗೆ, ಎಫ್3 ಕುಣಕೇರಿ ಐಪಿ ಫೀಡರ್‌ನಲ್ಲಿ ಬೆಳಿಗ್ಗೆ 8 ಗಂಟೆಯಿಂದ ಬೆಳಿಗ್ಗೆ 11 ಗಂಟೆಯವರೆಗೆ, ಎಫ್5 ಬೂದಗುಂಪ ಐಪಿ ಫೀಡರ್‌ನಲ್ಲಿ ಬೆಳಿಗ್ಗೆ 11 ಗಂಟೆಯಿಂದ ಸಂಜೆ 5 ಗಂಟೆಯವರೆಗೆ, ಎಫ್6 ಡಿ.ಹೊಸಳ್ಳಿ ಐಪಿ ಫೀಡರ್‌ನಲ್ಲಿ ಸಂಜೆ 5 ಗಂಟೆಯಿಂದ ಬೆಳಿಗ್ಗೆ 11
ವಿದ್ಯುತ್ ಸರಬರಾಜಿನಲ್ಲಿ ವ್ಯತ್ಯಯವಾಗಲಿದೆ. ಅದೇ ರೀತಿ ಮಾರ್ಚ್ 7 ರಂದು ಎಫ್2 ಅಗ್ಗಳೀಗಿ ಐಪಿ ಫೀಡರ್‌ನಲ್ಲಿ ಬೆಳಿಗ್ಗೆ 12 ಗಂಟೆಯಿಂದ ಸಂಜೆ 7 ಗಂಟೆಯವರೆಗೆ, ಎಫ್3 ಕುಣಕೇರಿ ಐಪಿ ಫೀಡರ್‌ನಲ್ಲಿ ಬೆಳಿಗ್ಗೆ 7 ಗಂಟೆಯಿಂದ ಮಧ್ಯಾಹ್ನ 1 ಗಂಟೆಯವರೆಗೆ, ಎಫ್6 ಡಿ.ಹೊಸಳ್ಳಿ ಐಪಿ ಫೀಡರ್‌ನಲ್ಲಿ ಮಧ್ಯಾಹ್ನ 1 ಗಂಟೆಯಿಂದ ಸಂಜೆ 7 ಗಂಟೆಯವರೆಗೆ, ಎಫ್5 ಬೂದಗುಂಪ ಐಪಿ ಫೀಡರ್‌ನಲ್ಲಿ ಸಂಜೆ 7 ಗಂಟೆಯಿಂದ ಬೆಳಿಗ್ಗೆ 1 ಗಂಟೆಯವರೆಗೆ ವಿದ್ಯುತ್ ವ್ಯತ್ಯಯ ಉಂಟಾಗಲಿದ್ದು, ಸಾರ್ವಜನಿಕರು ಸಹಕರಿಸಬೇಕು ಎಂದು ಜೆಸ್ಕಾಂ ಮುನಿರಾಬಾದ್ ಕಾರ್ಯ ಮತ್ತು ಪಾಲನೆ ಉಪ ವಿಭಾಗದ ಸಹಾಯಕ ಕಾರ್ಯನಿರ್ವಾಹಕ ಅಭಿಯಂತರರು ಪ್ರಕಟಣೆಯಲ್ಲಿ ತಿಳಿಸಿದ್ದಾರೆ.
ಕೊಪ್ಪಳ ನಗರಸಭೆಯ ಆಶ್ರಯ ಯೋಜನೆಗೆ
ಜಮೀನು ಮಾಲೀಕರಿಂದ ಅರ್ಜಿ ಆಹ್ವಾನ
ಹೊಸಪೇಟೆ ಟೈಮ್ಸ್ ನ್ಯೂಸ್
ಕೊಪ್ಪಳ : ಆಶ್ರಯ ಯೋಜನೆ ಅಡಿಯಲ್ಲಿ ನಿವೇಶನ ರಹಿತರಿಗೆ ನಿವೇಶನ ಹಂಚಿಕೆ ಮಾಡಲು ಕೊಪ್ಪಳ ನಗರಸಭೆಗೆ ಜಮೀನು ಅವಶ್ಯಕತೆಯಿದ್ದು, ಆಸಕ್ತ ಭೂ ಮಾಲೀಕರಿಂದ ಅರ್ಜಿ ಆಹ್ವಾನಿಸಲಾಗಿದೆ. ಕೊಪ್ಪಳ ನಗರಸಭೆ ವ್ಯಾಪ್ತಿಯಲ್ಲಿ ವಾಸವಾಗಿರುವ ಆದರೆ, ಸ್ವಂತ ನಿವೇಶನ ಹೊಂದದೇ ಇರುವವರಿಗಾಗಿ ಆಶ್ರಯ ಯೋಜನೆ ಅಡಿಯಲ್ಲಿ ಕೊಪ್ಪಳ ನಗರಸಭೆ ಯಿಂದ ನಿವೇಶನಗಳನ್ನು ಹಂಚಿಕೆ ಮಾಡಲು ಜಮೀನಿನ ಅವಶ್ಯಕತೆಯಿದೆ. ಈ ಹಿನ್ನೆಲೆಯಲ್ಲಿ ಕೊಪ್ಪಳ ನಗರ ಪ್ರದೇಶದಿಂದ 5 ಕಿ.ಮೀಟರ್ ವ್ಯಾಪ್ತಿಯೊಳಗೆ ಜಮೀನಿನ ಅವಶ್ಯಕತೆ ಇರುತ್ತದೆ. ಸರ್ಕಾರದ ದರಕ್ಕೆ ಖರೀದಿಸುವುದು ಮತ್ತು ಜಮೀನು ಹೊಂದಿದವರು ಜಮೀನಿನ ಪಹಣಿ ಪತ್ರಿಕೆ, ನಕ್ಷೆ ಸೇರಿದಂತೆ ಅಗತ್ಯ ದಾಖಲೆಗಳೊಂದಿಗೆ ಅರ್ಜಿ ಸಲ್ಲಿಸಬೇಕು. ಆಸಕ್ತ ಭೂ ಮಾಲೀಕರು ತಮ್ಮ ಜಮೀನಿನ ಸರ್ವೆ ನಂಬರ್, ವಿಸ್ತೀರ್ಣ ಹಾಗೂ ಅಗತ್ಯ ದಾಖಲೆಗಳೊಂದಿಗೆ ಕೊಪ್ಪಳ ನಗರಸಭೆ ಕಾರ್ಯಾಲಯಕ್ಕೆ ಅರ್ಜಿ ಸಲ್ಲಿಸಬಹುದು. ಅರ್ಜಿ ಸಲ್ಲಿಸಲು ಮಾರ್ಚ್ 31ರ ವರೆಗೆ ಕಾಲಾವಕಾಶವಿದ್ದು, ಆಸಕ್ತರು ಈ ಅವಕಾಶ ಸದುಪಯೋಗಪಡಿಸಿಕೊಳ್ಳಬೇಕು ಎಂದು ಕೊಪ್ಪಳ ನಗರಸಭೆ ಪೌರಾಯುಕ್ತರು ಪ್ರಕಟಣೆಯಲ್ಲಿ ತಿಳಿಸಿದ್ದಾರೆ.
OWNER , PUBLISHER & PRINTER K. M. REKHA PUBLISHED AT HOSPET TIMES, APOORVA OFFSET PRINTERS , SACHIDANAND LANE , MAIN BAZAR , HOSAPETE , BALLARI & PRINTED AT APOORVA OFFSET PRINTERS ,
SACHIDANAND LANE , MAIN BAZAR , HOSAPETE , BALLARI , EDITOR K. M. REKHA. EMAIL : hospettimes@gmail.com, Mob No 94484 41484.
